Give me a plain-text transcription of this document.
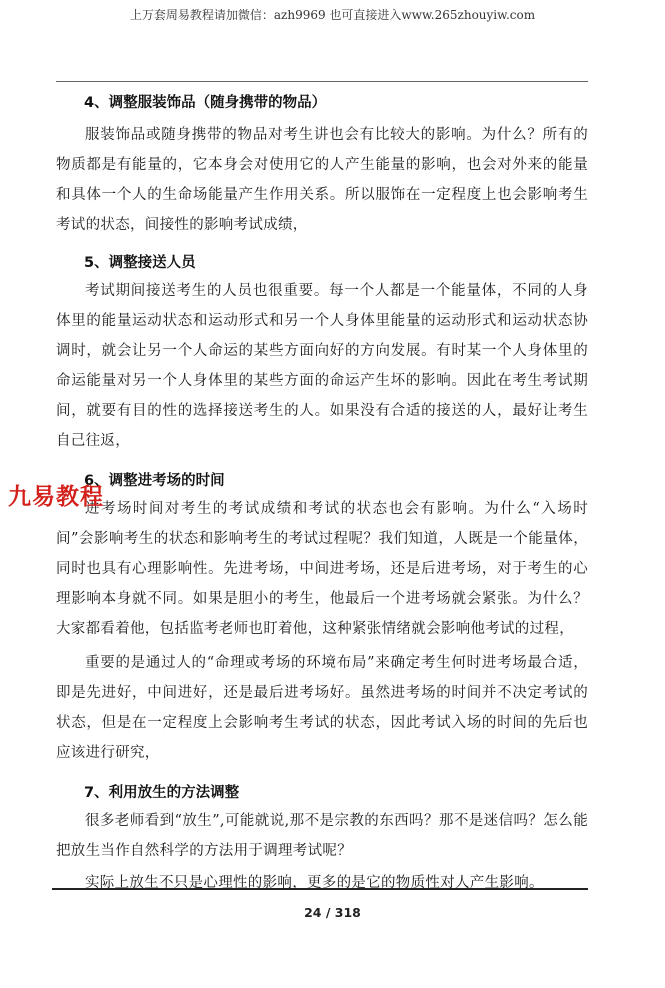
上万套周易教程请加微信：azh9969 也可直接进入www.265zhouyiw.com
4、调整服装饰品（随身携带的物品）

服装饰品或随身携带的物品对考生讲也会有比较大的影响。为什么？所有的物质都是有能量的，它本身会对使用它的人产生能量的影响，也会对外来的能量和具体一个人的生命场能量产生作用关系。所以服饰在一定程度上也会影响考生考试的状态，间接性的影响考试成绩，

5、调整接送人员

考试期间接送考生的人员也很重要。每一个人都是一个能量体，不同的人身体里的能量运动状态和运动形式和另一个人身体里能量的运动形式和运动状态协调时，就会让另一个人命运的某些方面向好的方向发展。有时某一个人身体里的命运能量对另一个人身体里的某些方面的命运产生坏的影响。因此在考生考试期间，就要有目的性的选择接送考生的人。如果没有合适的接送的人，最好让考生自己往返，

6、调整进考场的时间

进考场时间对考生的考试成绩和考试的状态也会有影响。为什么“入场时间”会影响考生的状态和影响考生的考试过程呢？我们知道，人既是一个能量体，同时也具有心理影响性。先进考场，中间进考场，还是后进考场，对于考生的心理影响本身就不同。如果是胆小的考生，他最后一个进考场就会紧张。为什么？大家都看着他，包括监考老师也盯着他，这种紧张情绪就会影响他考试的过程，

重要的是通过人的“命理或考场的环境布局”来确定考生何时进考场最合适，即是先进好，中间进好，还是最后进考场好。虽然进考场的时间并不决定考试的状态，但是在一定程度上会影响考生考试的状态，因此考试入场的时间的先后也应该进行研究，

7、利用放生的方法调整

很多老师看到“放生”,可能就说,那不是宗教的东西吗？那不是迷信吗？怎么能把放生当作自然科学的方法用于调理考试呢？

实际上放生不只是心理性的影响，更多的是它的物质性对人产生影响。

九易教程
24 / 318
